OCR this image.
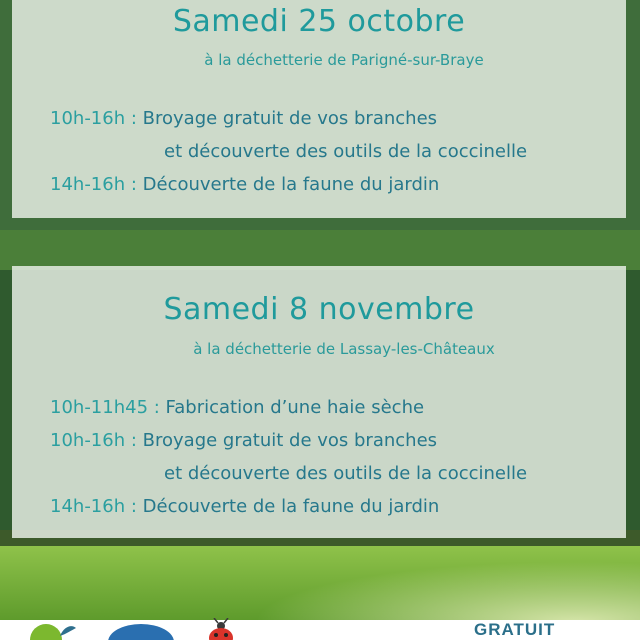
Samedi 25 octobre
à la déchetterie de Parigné-sur-Braye
10h-16h : Broyage gratuit de vos branches
et découverte des outils de la coccinelle
14h-16h : Découverte de la faune du jardin
Samedi 8 novembre
à la déchetterie de Lassay-les-Châteaux
10h-11h45 : Fabrication d’une haie sèche
10h-16h : Broyage gratuit de vos branches
et découverte des outils de la coccinelle
14h-16h : Découverte de la faune du jardin
GRATUIT
